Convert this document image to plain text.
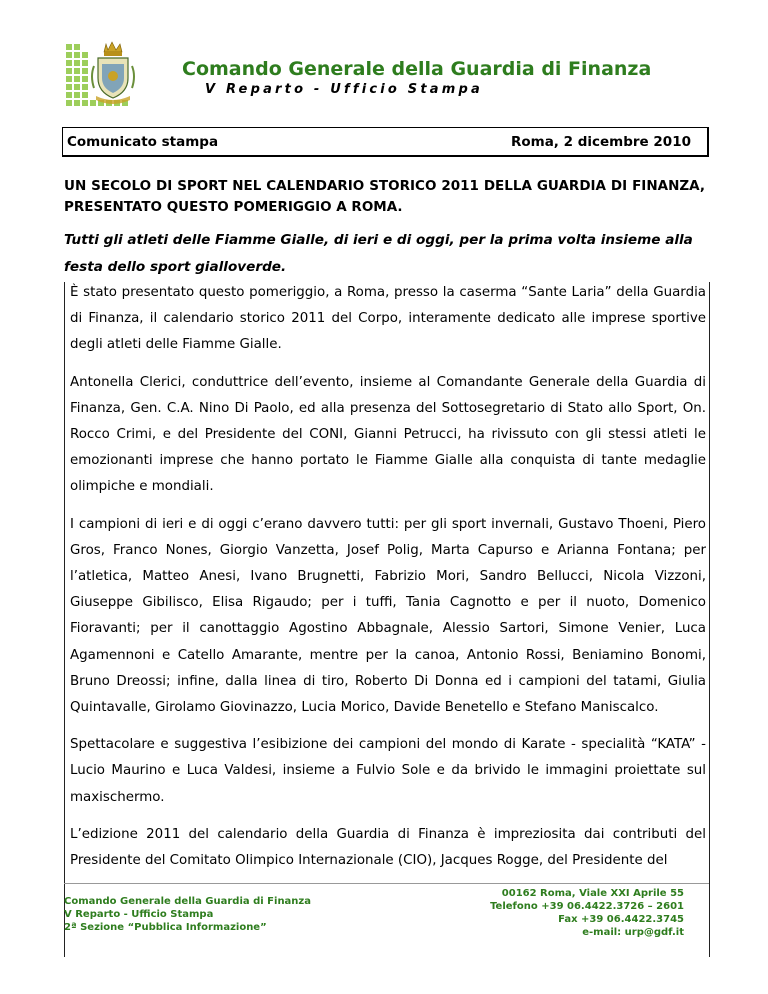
Comando Generale della Guardia di Finanza
V Reparto - Ufficio Stampa
Comunicato stampa	Roma, 2 dicembre 2010

UN SECOLO DI SPORT NEL CALENDARIO STORICO 2011 DELLA GUARDIA DI FINANZA, PRESENTATO QUESTO POMERIGGIO A ROMA.

Tutti gli atleti delle Fiamme Gialle, di ieri e di oggi, per la prima volta insieme alla festa dello sport gialloverde.

È stato presentato questo pomeriggio, a Roma, presso la caserma “Sante Laria” della Guardia di Finanza, il calendario storico 2011 del Corpo, interamente dedicato alle imprese sportive degli atleti delle Fiamme Gialle.

Antonella Clerici, conduttrice dell’evento, insieme al Comandante Generale della Guardia di Finanza, Gen. C.A. Nino Di Paolo, ed alla presenza del Sottosegretario di Stato allo Sport, On. Rocco Crimi, e del Presidente del CONI, Gianni Petrucci, ha rivissuto con gli stessi atleti le emozionanti imprese che hanno portato le Fiamme Gialle alla conquista di tante medaglie olimpiche e mondiali.

I campioni di ieri e di oggi c’erano davvero tutti: per gli sport invernali, Gustavo Thoeni, Piero Gros, Franco Nones, Giorgio Vanzetta, Josef Polig, Marta Capurso e Arianna Fontana; per l’atletica, Matteo Anesi, Ivano Brugnetti, Fabrizio Mori, Sandro Bellucci, Nicola Vizzoni, Giuseppe Gibilisco, Elisa Rigaudo; per i tuffi, Tania Cagnotto e per il nuoto, Domenico Fioravanti; per il canottaggio Agostino Abbagnale, Alessio Sartori, Simone Venier, Luca Agamennoni e Catello Amarante, mentre per la canoa, Antonio Rossi, Beniamino Bonomi, Bruno Dreossi; infine, dalla linea di tiro, Roberto Di Donna ed i campioni del tatami, Giulia Quintavalle, Girolamo Giovinazzo, Lucia Morico, Davide Benetello e Stefano Maniscalco.

Spettacolare e suggestiva l’esibizione dei campioni del mondo di Karate - specialità “KATA” - Lucio Maurino e Luca Valdesi, insieme a Fulvio Sole e da brivido le immagini proiettate sul maxischermo.

L’edizione 2011 del calendario della Guardia di Finanza è impreziosita dai contributi del Presidente del Comitato Olimpico Internazionale (CIO), Jacques Rogge, del Presidente del

Comando Generale della Guardia di Finanza
V Reparto - Ufficio Stampa
2ª Sezione “Pubblica Informazione”
00162 Roma, Viale XXI Aprile 55
Telefono +39 06.4422.3726 – 2601
Fax +39 06.4422.3745
e-mail: urp@gdf.it
